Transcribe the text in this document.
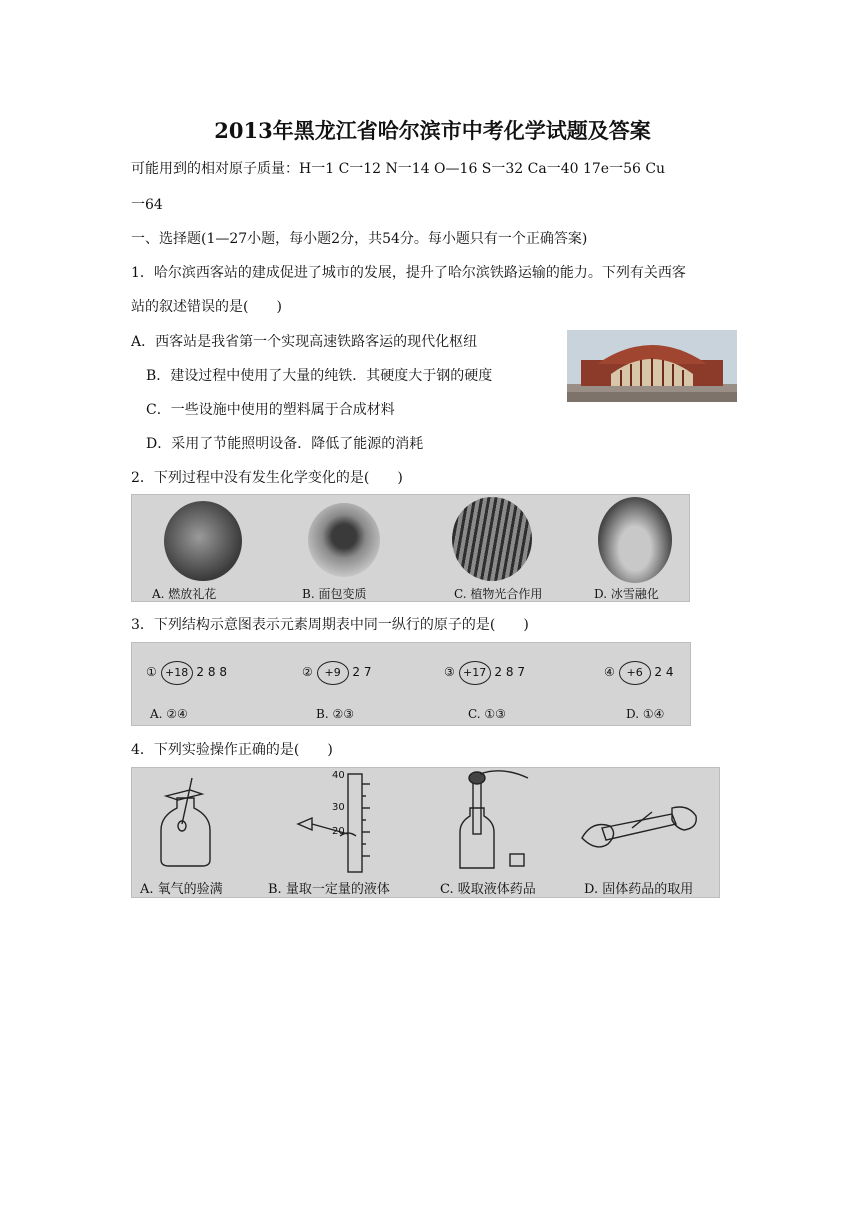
2013年黑龙江省哈尔滨市中考化学试题及答案
可能用到的相对原子质量：H一1 C一12 N一14 O—16 S一32 Ca一40 17e一56 Cu
一64
一、选择题(1—27小题，每小题2分，共54分。每小题只有一个正确答案)
1．哈尔滨西客站的建成促进了城市的发展，提升了哈尔滨铁路运输的能力。下列有关西客
站的叙述错误的是(　　)
A．西客站是我省第一个实现高速铁路客运的现代化枢纽
B．建设过程中使用了大量的纯铁．其硬度大于钢的硬度
C．一些设施中使用的塑料属于合成材料
D．采用了节能照明设备．降低了能源的消耗
2．下列过程中没有发生化学变化的是(　　)
A. 燃放礼花	B. 面包变质	C. 植物光合作用	D. 冰雪融化
3．下列结构示意图表示元素周期表中同一纵行的原子的是(　　)
① +18 2 8 8	② +9 2 7	③ +17 2 8 7	④ +6 2 4
A. ②④	B. ②③	C. ①③	D. ①④
4．下列实验操作正确的是(　　)
40
30
20
A. 氧气的验满	B. 量取一定量的液体	C. 吸取液体药品	D. 固体药品的取用
